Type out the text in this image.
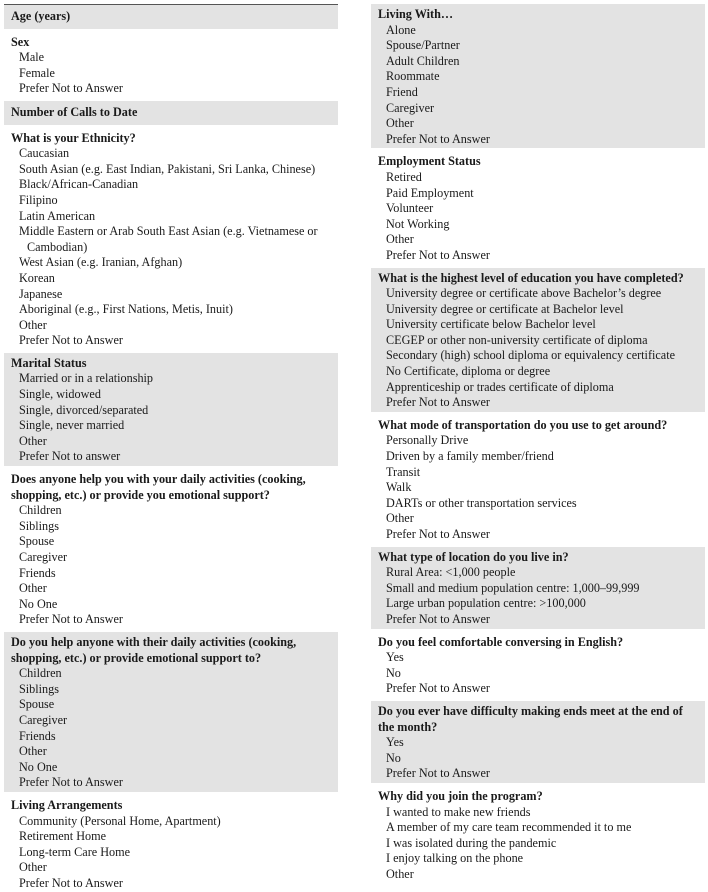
Age (years)
Sex
Male
Female
Prefer Not to Answer
Number of Calls to Date
What is your Ethnicity?
Caucasian
South Asian (e.g. East Indian, Pakistani, Sri Lanka, Chinese)
Black/African-Canadian
Filipino
Latin American
Middle Eastern or Arab South East Asian (e.g. Vietnamese or Cambodian)
West Asian (e.g. Iranian, Afghan)
Korean
Japanese
Aboriginal (e.g., First Nations, Metis, Inuit)
Other
Prefer Not to Answer
Marital Status
Married or in a relationship
Single, widowed
Single, divorced/separated
Single, never married
Other
Prefer Not to answer
Does anyone help you with your daily activities (cooking, shopping, etc.) or provide you emotional support?
Children
Siblings
Spouse
Caregiver
Friends
Other
No One
Prefer Not to Answer
Do you help anyone with their daily activities (cooking, shopping, etc.) or provide emotional support to?
Children
Siblings
Spouse
Caregiver
Friends
Other
No One
Prefer Not to Answer
Living Arrangements
Community (Personal Home, Apartment)
Retirement Home
Long-term Care Home
Other
Prefer Not to Answer
Living With…
Alone
Spouse/Partner
Adult Children
Roommate
Friend
Caregiver
Other
Prefer Not to Answer
Employment Status
Retired
Paid Employment
Volunteer
Not Working
Other
Prefer Not to Answer
What is the highest level of education you have completed?
University degree or certificate above Bachelor’s degree
University degree or certificate at Bachelor level
University certificate below Bachelor level
CEGEP or other non-university certificate of diploma
Secondary (high) school diploma or equivalency certificate
No Certificate, diploma or degree
Apprenticeship or trades certificate of diploma
Prefer Not to Answer
What mode of transportation do you use to get around?
Personally Drive
Driven by a family member/friend
Transit
Walk
DARTs or other transportation services
Other
Prefer Not to Answer
What type of location do you live in?
Rural Area: <1,000 people
Small and medium population centre: 1,000–99,999
Large urban population centre: >100,000
Prefer Not to Answer
Do you feel comfortable conversing in English?
Yes
No
Prefer Not to Answer
Do you ever have difficulty making ends meet at the end of the month?
Yes
No
Prefer Not to Answer
Why did you join the program?
I wanted to make new friends
A member of my care team recommended it to me
I was isolated during the pandemic
I enjoy talking on the phone
Other
